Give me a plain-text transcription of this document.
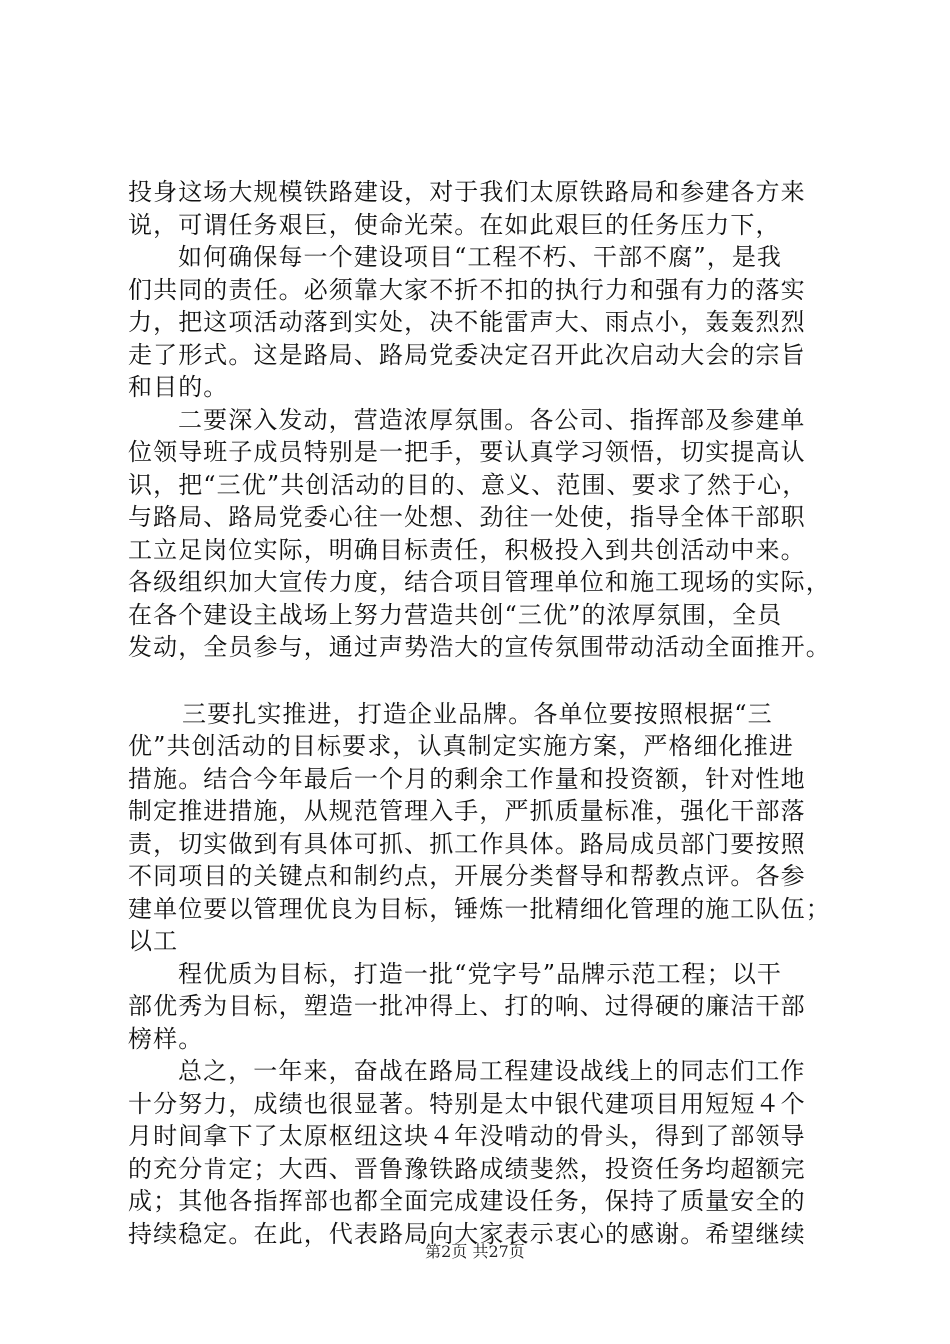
投身这场大规模铁路建设，对于我们太原铁路局和参建各方来
说，可谓任务艰巨，使命光荣。在如此艰巨的任务压力下，
如何确保每一个建设项目“工程不朽、干部不腐”，是我
们共同的责任。必须靠大家不折不扣的执行力和强有力的落实
力，把这项活动落到实处，决不能雷声大、雨点小，轰轰烈烈
走了形式。这是路局、路局党委决定召开此次启动大会的宗旨
和目的。
二要深入发动，营造浓厚氛围。各公司、指挥部及参建单
位领导班子成员特别是一把手，要认真学习领悟，切实提高认
识，把“三优”共创活动的目的、意义、范围、要求了然于心，
与路局、路局党委心往一处想、劲往一处使，指导全体干部职
工立足岗位实际，明确目标责任，积极投入到共创活动中来。
各级组织加大宣传力度，结合项目管理单位和施工现场的实际，
在各个建设主战场上努力营造共创“三优”的浓厚氛围，全员
发动，全员参与，通过声势浩大的宣传氛围带动活动全面推开。
三要扎实推进，打造企业品牌。各单位要按照根据“三
优”共创活动的目标要求，认真制定实施方案，严格细化推进
措施。结合今年最后一个月的剩余工作量和投资额，针对性地
制定推进措施，从规范管理入手，严抓质量标准，强化干部落
责，切实做到有具体可抓、抓工作具体。路局成员部门要按照
不同项目的关键点和制约点，开展分类督导和帮教点评。各参
建单位要以管理优良为目标，锤炼一批精细化管理的施工队伍；
以工
程优质为目标，打造一批“党字号”品牌示范工程；以干
部优秀为目标，塑造一批冲得上、打的响、过得硬的廉洁干部
榜样。
总之，一年来，奋战在路局工程建设战线上的同志们工作
十分努力，成绩也很显著。特别是太中银代建项目用短短４个
月时间拿下了太原枢纽这块４年没啃动的骨头，得到了部领导
的充分肯定；大西、晋鲁豫铁路成绩斐然，投资任务均超额完
成；其他各指挥部也都全面完成建设任务，保持了质量安全的
持续稳定。在此，代表路局向大家表示衷心的感谢。希望继续
第2页 共27页
